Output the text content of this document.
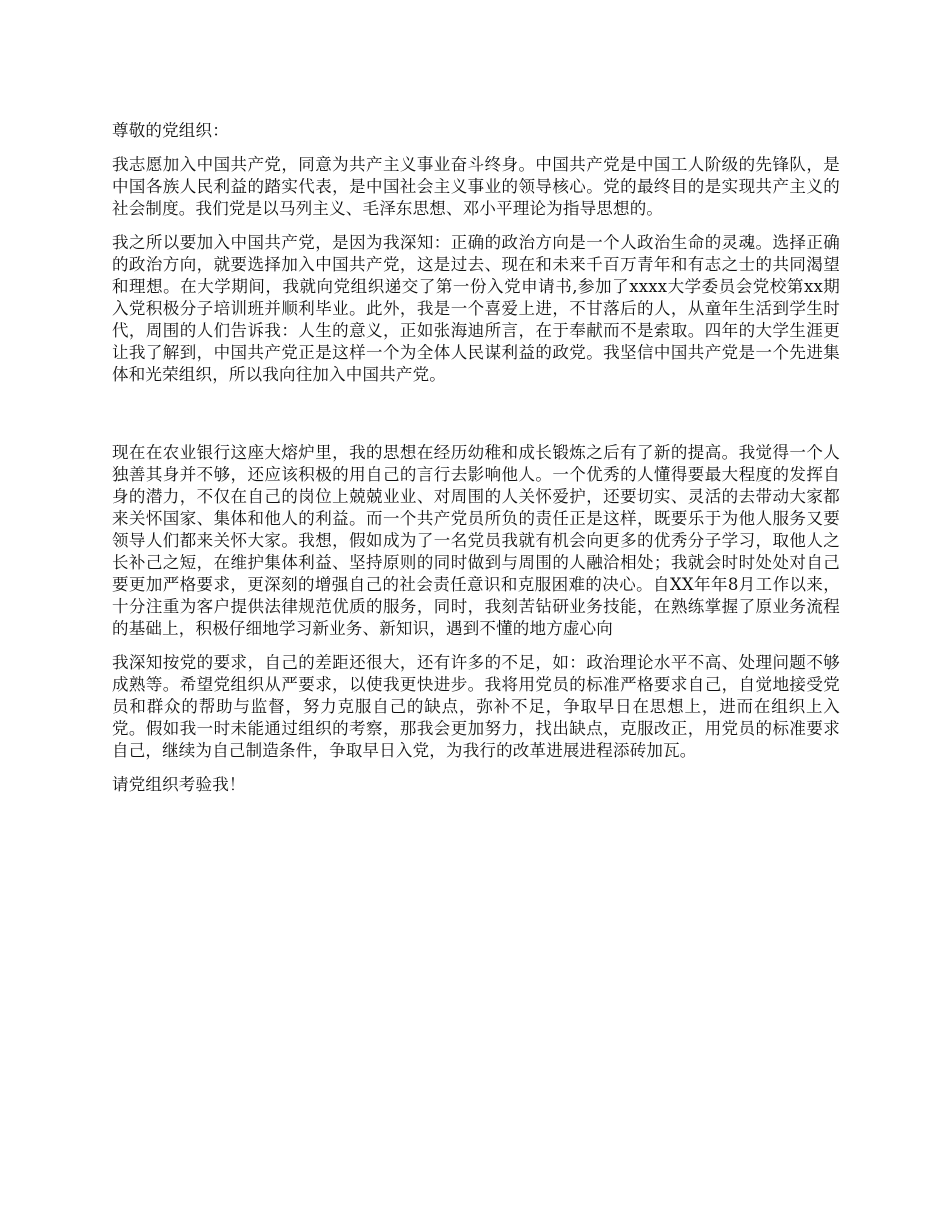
尊敬的党组织：

我志愿加入中国共产党，同意为共产主义事业奋斗终身。中国共产党是中国工人阶级的先锋队，是中国各族人民利益的踏实代表，是中国社会主义事业的领导核心。党的最终目的是实现共产主义的社会制度。我们党是以马列主义、毛泽东思想、邓小平理论为指导思想的。

我之所以要加入中国共产党，是因为我深知：正确的政治方向是一个人政治生命的灵魂。选择正确的政治方向，就要选择加入中国共产党，这是过去、现在和未来千百万青年和有志之士的共同渴望和理想。在大学期间，我就向党组织递交了第一份入党申请书,参加了xxxx大学委员会党校第xx期入党积极分子培训班并顺利毕业。此外，我是一个喜爱上进，不甘落后的人，从童年生活到学生时代，周围的人们告诉我：人生的意义，正如张海迪所言，在于奉献而不是索取。四年的大学生涯更让我了解到，中国共产党正是这样一个为全体人民谋利益的政党。我坚信中国共产党是一个先进集体和光荣组织，所以我向往加入中国共产党。

现在在农业银行这座大熔炉里，我的思想在经历幼稚和成长锻炼之后有了新的提高。我觉得一个人独善其身并不够，还应该积极的用自己的言行去影响他人。一个优秀的人懂得要最大程度的发挥自身的潜力，不仅在自己的岗位上兢兢业业、对周围的人关怀爱护，还要切实、灵活的去带动大家都来关怀国家、集体和他人的利益。而一个共产党员所负的责任正是这样，既要乐于为他人服务又要领导人们都来关怀大家。我想，假如成为了一名党员我就有机会向更多的优秀分子学习，取他人之长补己之短，在维护集体利益、坚持原则的同时做到与周围的人融洽相处；我就会时时处处对自己要更加严格要求，更深刻的增强自己的社会责任意识和克服困难的决心。自XX年年8月工作以来，十分注重为客户提供法律规范优质的服务，同时，我刻苦钻研业务技能，在熟练掌握了原业务流程的基础上，积极仔细地学习新业务、新知识，遇到不懂的地方虚心向

我深知按党的要求，自己的差距还很大，还有许多的不足，如：政治理论水平不高、处理问题不够成熟等。希望党组织从严要求，以使我更快进步。我将用党员的标准严格要求自己，自觉地接受党员和群众的帮助与监督，努力克服自己的缺点，弥补不足，争取早日在思想上，进而在组织上入党。假如我一时未能通过组织的考察，那我会更加努力，找出缺点，克服改正，用党员的标准要求自己，继续为自己制造条件，争取早日入党，为我行的改革进展进程添砖加瓦。

请党组织考验我！
